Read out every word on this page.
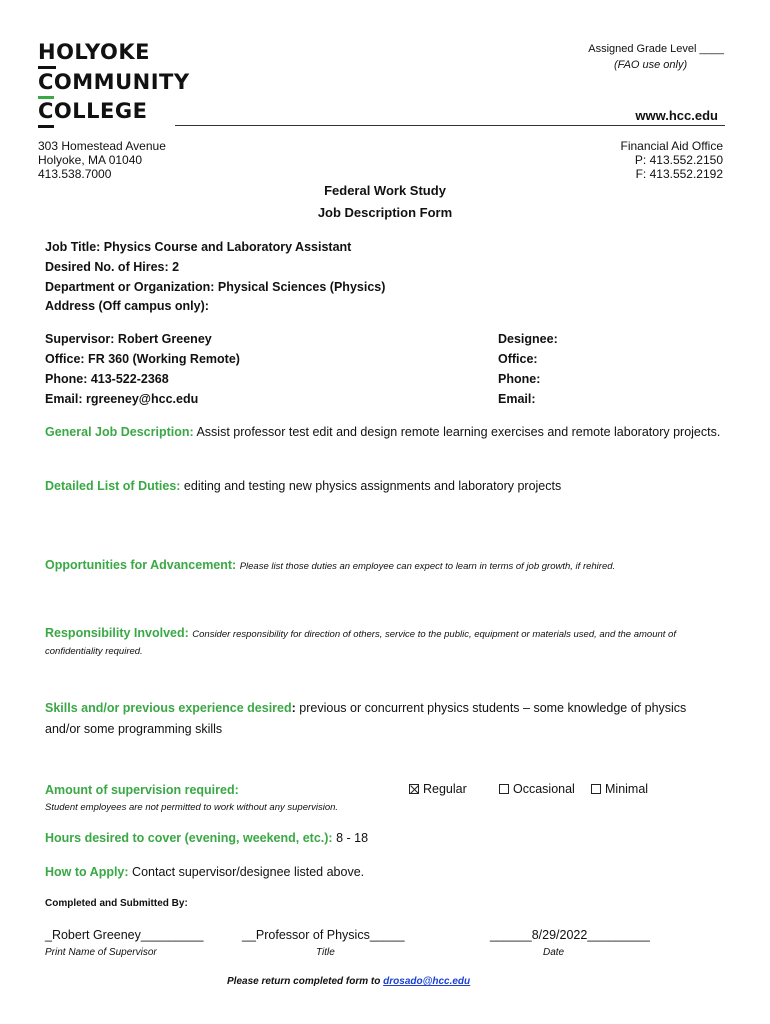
HOLYOKE
COMMUNITY
COLLEGE
Assigned Grade Level ____
(FAO use only)
www.hcc.edu
303 Homestead Avenue
Holyoke, MA 01040
413.538.7000
Financial Aid Office
P: 413.552.2150
F: 413.552.2192
Federal Work Study
Job Description Form
Job Title: Physics Course and Laboratory Assistant
Desired No. of Hires: 2
Department or Organization: Physical Sciences (Physics)
Address (Off campus only):
Supervisor: Robert Greeney
Office: FR 360 (Working Remote)
Phone: 413-522-2368
Email: rgreeney@hcc.edu
Designee:
Office:
Phone:
Email:
General Job Description: Assist professor test edit and design remote learning exercises and remote laboratory projects.
Detailed List of Duties: editing and testing new physics assignments and laboratory projects
Opportunities for Advancement: Please list those duties an employee can expect to learn in terms of job growth, if rehired.
Responsibility Involved: Consider responsibility for direction of others, service to the public, equipment or materials used, and the amount of
confidentiality required.
Skills and/or previous experience desired: previous or concurrent physics students – some knowledge of physics
and/or some programming skills
Amount of supervision required:	Regular	Occasional	Minimal
Student employees are not permitted to work without any supervision.
Hours desired to cover (evening, weekend, etc.): 8 - 18
How to Apply: Contact supervisor/designee listed above.
Completed and Submitted By:
_Robert Greeney_________	__Professor of Physics_____	______8/29/2022_________
Print Name of Supervisor	Title	Date
Please return completed form to drosado@hcc.edu
